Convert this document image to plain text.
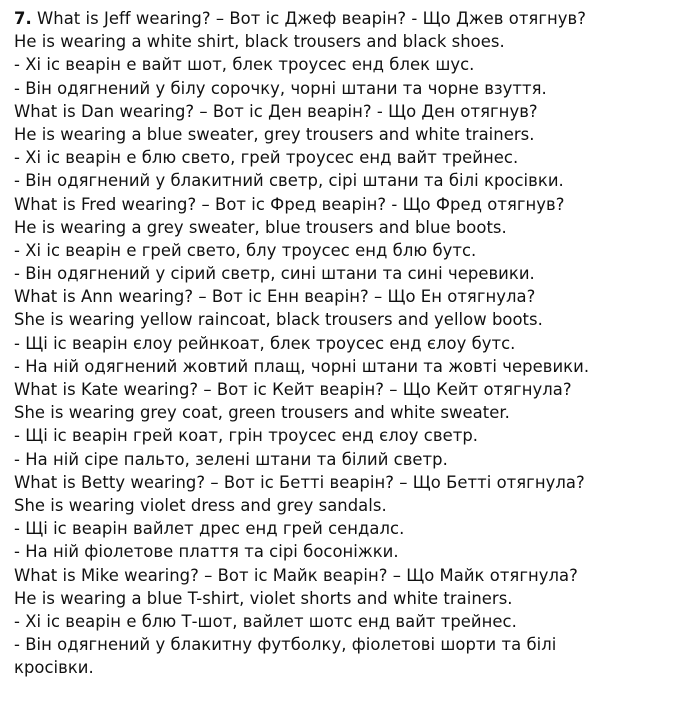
7. What is Jeff wearing? – Вот іс Джеф веарін? - Що Джев отягнув?
He is wearing a white shirt, black trousers and black shoes.
- Хі іс веарін е вайт шот, блек троусес енд блек шус.
- Він одягнений у білу сорочку, чорні штани та чорне взуття.
What is Dan wearing? – Вот іс Ден веарін? - Що Ден отягнув?
He is wearing a blue sweater, grey trousers and white trainers.
- Хі іс веарін е блю свето, грей троусес енд вайт трейнес.
- Він одягнений у блакитний светр, сірі штани та білі кросівки.
What is Fred wearing? – Вот іс Фред веарін? - Що Фред отягнув?
He is wearing a grey sweater, blue trousers and blue boots.
- Хі іс веарін е грей свето, блу троусес енд блю бутс.
- Він одягнений у сірий светр, сині штани та сині черевики.
What is Ann wearing? – Вот іс Енн веарін? – Що Ен отягнула?
She is wearing yellow raincoat, black trousers and yellow boots.
- Щі іс веарін єлоу рейнкоат, блек троусес енд єлоу бутс.
- На ній одягнений жовтий плащ, чорні штани та жовті черевики.
What is Kate wearing? – Вот іс Кейт веарін? – Що Кейт отягнула?
She is wearing grey coat, green trousers and white sweater.
- Щі іс веарін грей коат, грін троусес енд єлоу светр.
- На ній сіре пальто, зелені штани та білий светр.
What is Betty wearing? – Вот іс Бетті веарін? – Що Бетті отягнула?
She is wearing violet dress and grey sandals.
- Щі іс веарін вайлет дрес енд грей сендалс.
- На ній фіолетове плаття та сірі босоніжки.
What is Mike wearing? – Вот іс Майк веарін? – Що Майк отягнула?
He is wearing a blue T-shirt, violet shorts and white trainers.
- Хі іс веарін е блю Т-шот, вайлет шотс енд вайт трейнес.
- Він одягнений у блакитну футболку, фіолетові шорти та білі
кросівки.
